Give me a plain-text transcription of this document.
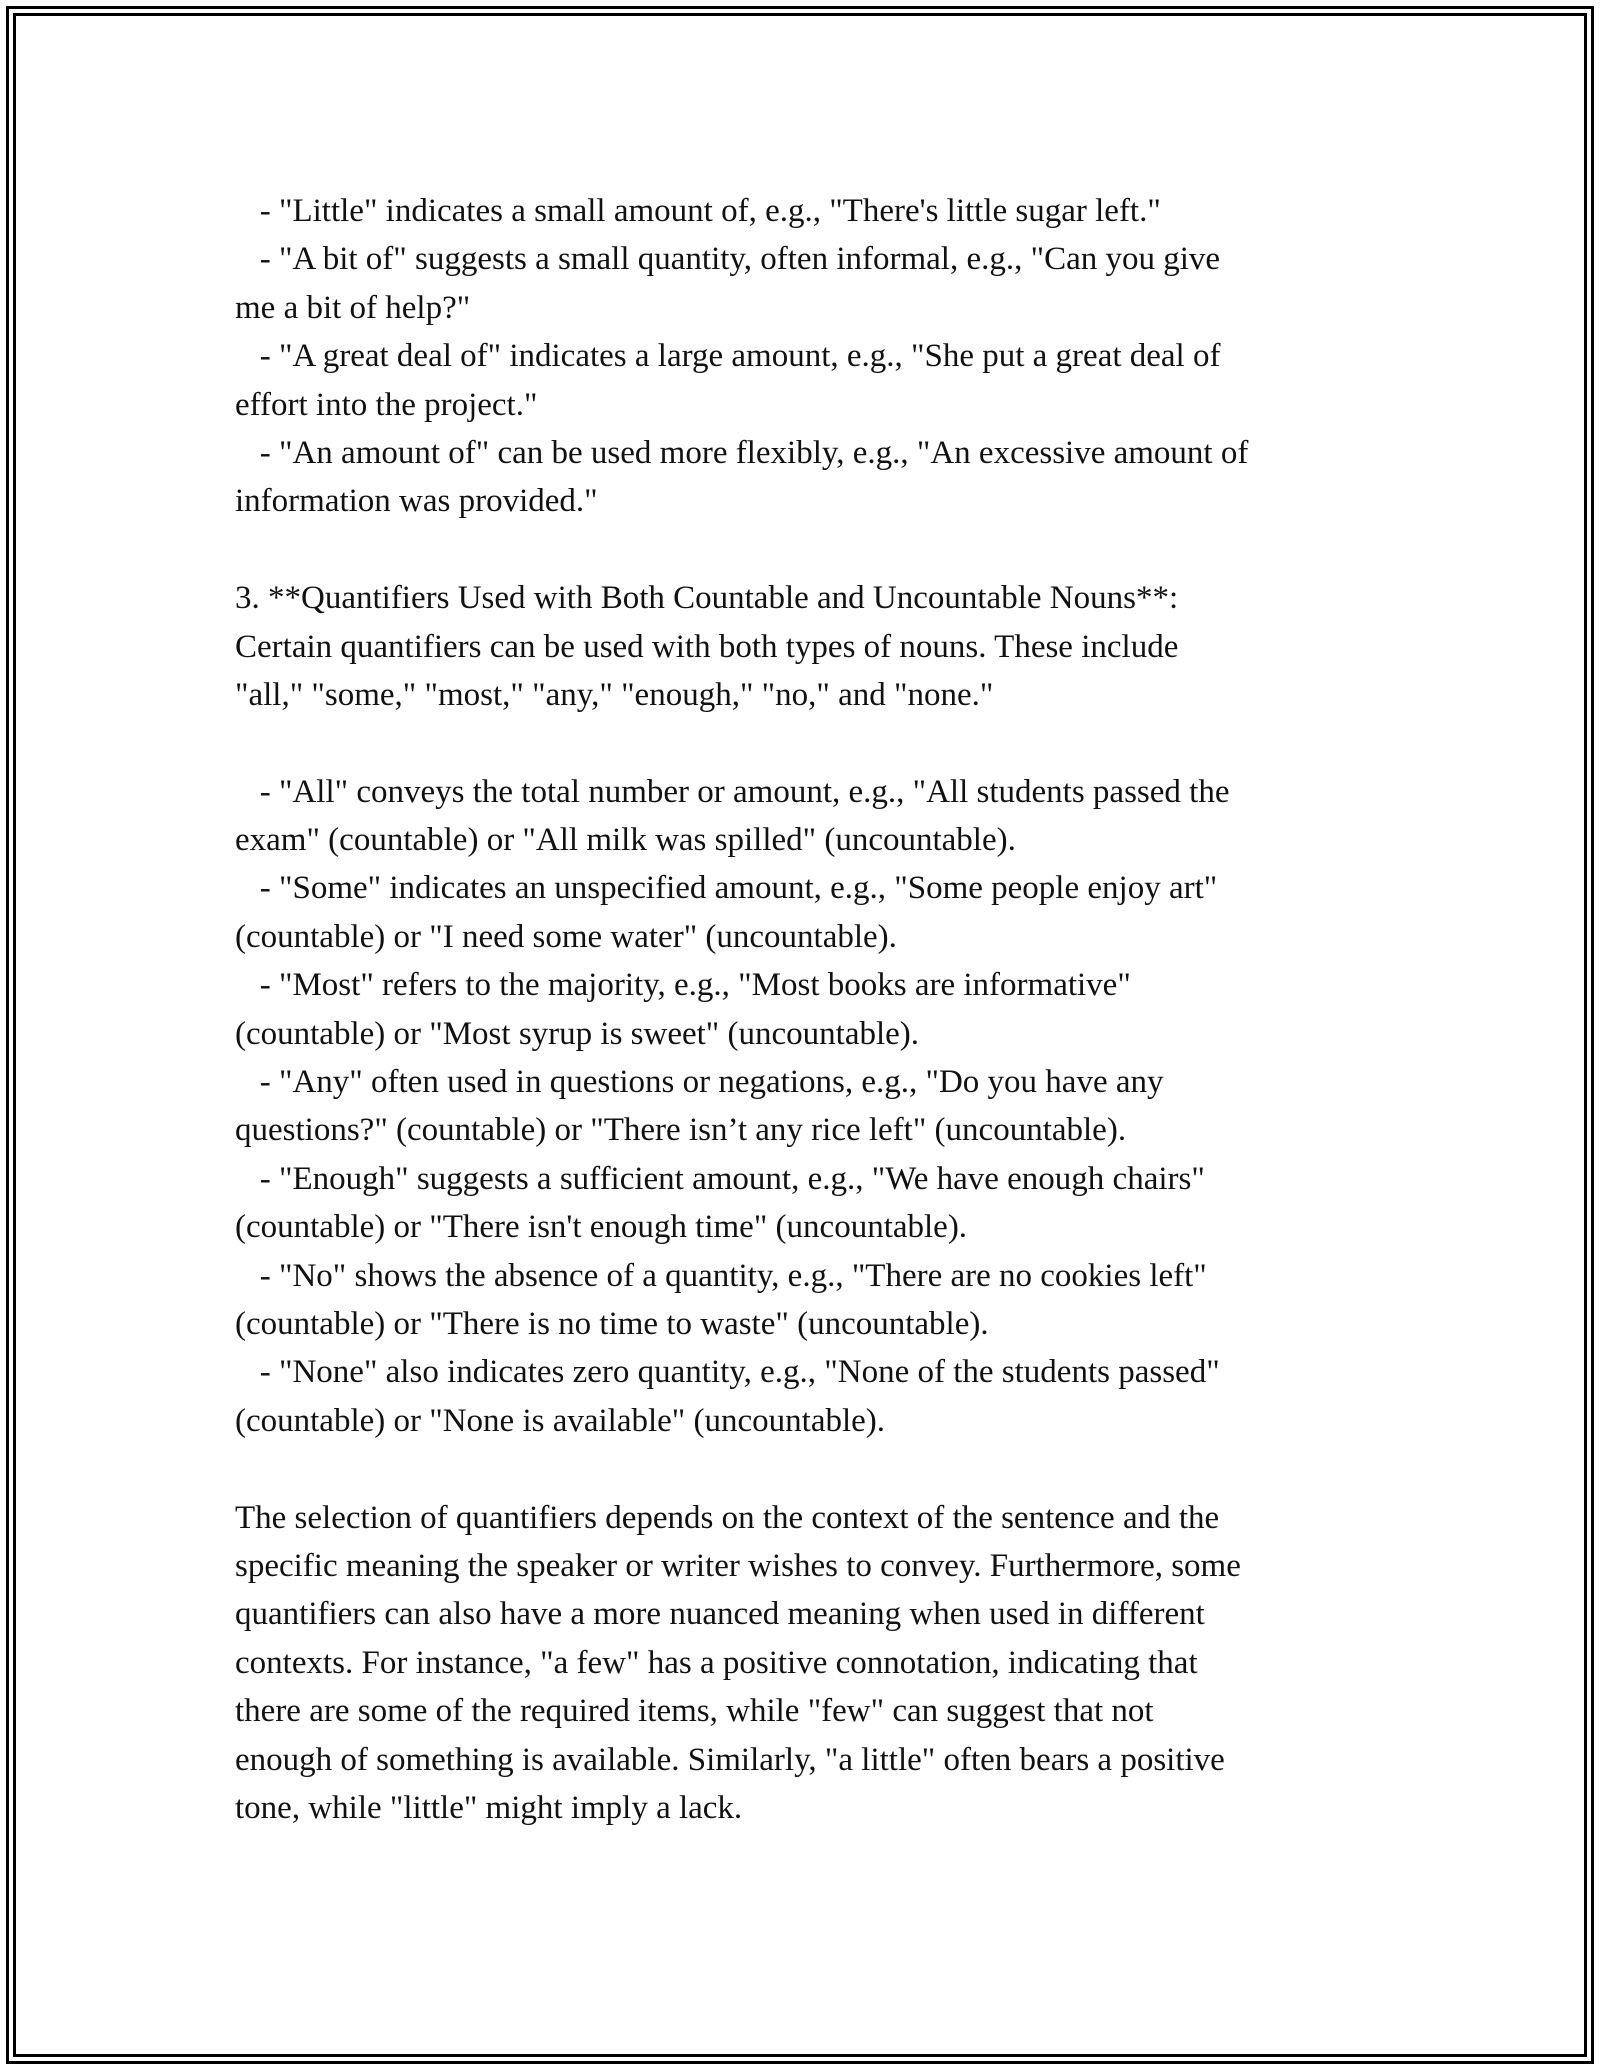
- "Little" indicates a small amount of, e.g., "There's little sugar left."
- "A bit of" suggests a small quantity, often informal, e.g., "Can you give
me a bit of help?"
- "A great deal of" indicates a large amount, e.g., "She put a great deal of
effort into the project."
- "An amount of" can be used more flexibly, e.g., "An excessive amount of
information was provided."
3. **Quantifiers Used with Both Countable and Uncountable Nouns**:
Certain quantifiers can be used with both types of nouns. These include
"all," "some," "most," "any," "enough," "no," and "none."
- "All" conveys the total number or amount, e.g., "All students passed the
exam" (countable) or "All milk was spilled" (uncountable).
- "Some" indicates an unspecified amount, e.g., "Some people enjoy art"
(countable) or "I need some water" (uncountable).
- "Most" refers to the majority, e.g., "Most books are informative"
(countable) or "Most syrup is sweet" (uncountable).
- "Any" often used in questions or negations, e.g., "Do you have any
questions?" (countable) or "There isn’t any rice left" (uncountable).
- "Enough" suggests a sufficient amount, e.g., "We have enough chairs"
(countable) or "There isn't enough time" (uncountable).
- "No" shows the absence of a quantity, e.g., "There are no cookies left"
(countable) or "There is no time to waste" (uncountable).
- "None" also indicates zero quantity, e.g., "None of the students passed"
(countable) or "None is available" (uncountable).
The selection of quantifiers depends on the context of the sentence and the
specific meaning the speaker or writer wishes to convey. Furthermore, some
quantifiers can also have a more nuanced meaning when used in different
contexts. For instance, "a few" has a positive connotation, indicating that
there are some of the required items, while "few" can suggest that not
enough of something is available. Similarly, "a little" often bears a positive
tone, while "little" might imply a lack.
